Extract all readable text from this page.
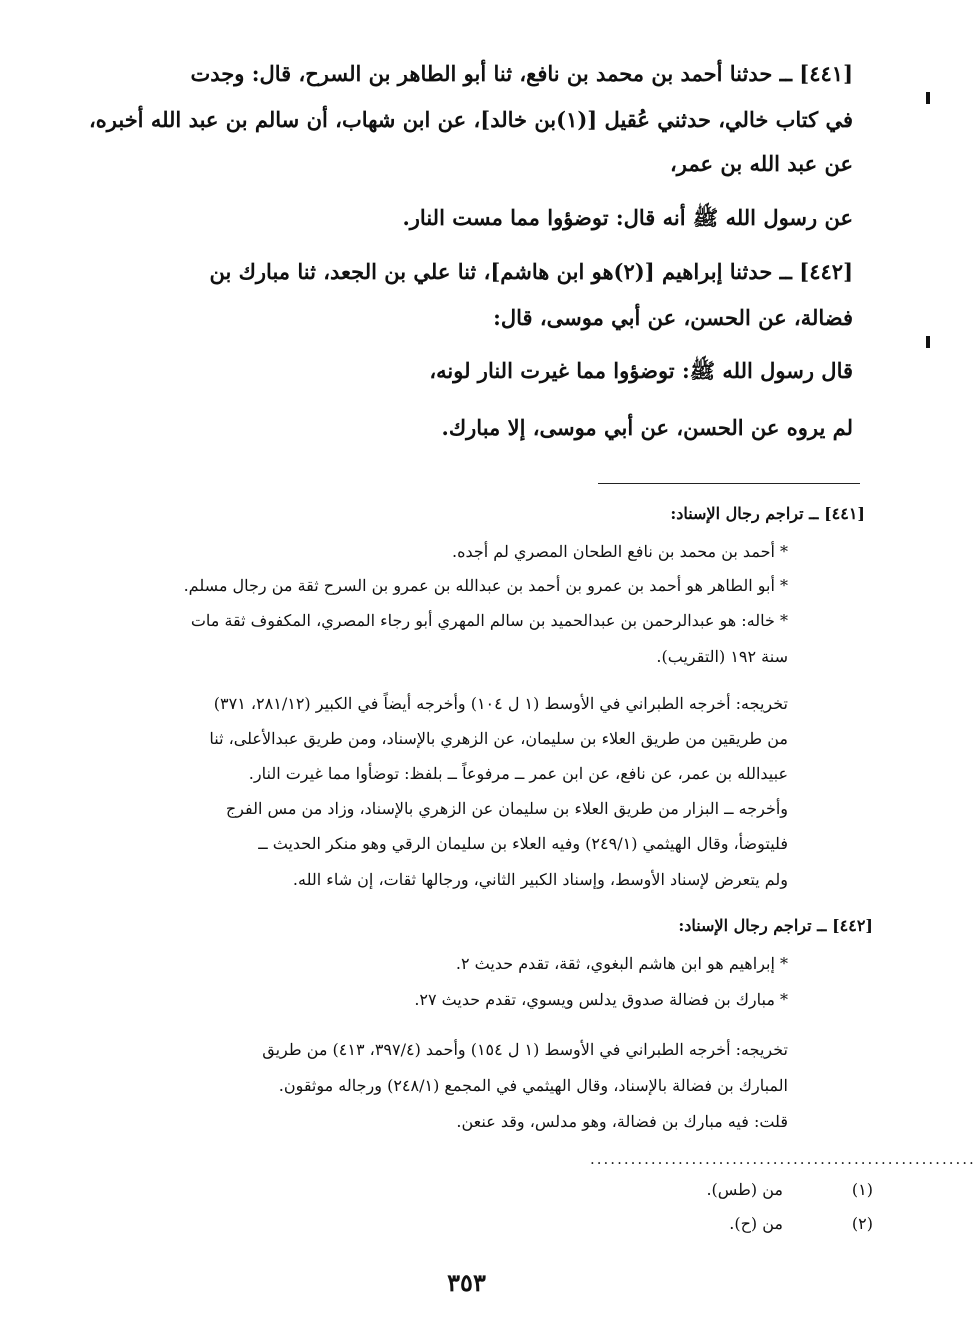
[٤٤١] ــ حدثنا أحمد بن محمد بن نافع، ثنا أبو الطاهر بن السرح، قال: وجدت
في كتاب خالي، حدثني عُقيل [(١)بن خالد]، عن ابن شهاب، أن سالم بن عبد الله أخبره،
عن عبد الله بن عمر،
عن رسول الله ﷺ أنه قال: توضؤوا مما مست النار.
[٤٤٢] ــ حدثنا إبراهيم [(٢)هو ابن هاشم]، ثنا علي بن الجعد، ثنا مبارك بن
فضالة، عن الحسن، عن أبي موسى، قال:
قال رسول الله ﷺ: توضؤوا مما غيرت النار لونه،
لم يروه عن الحسن، عن أبي موسى، إلا مبارك.
[٤٤١] ــ تراجم رجال الإسناد:
* أحمد بن محمد بن نافع الطحان المصري لم أجده.
* أبو الطاهر هو أحمد بن عمرو بن أحمد بن عبدالله بن عمرو بن السرح ثقة من رجال مسلم.
* خاله: هو عبدالرحمن بن عبدالحميد بن سالم المهري أبو رجاء المصري، المكفوف ثقة مات
سنة ١٩٢ (التقريب).
تخريجه: أخرجه الطبراني في الأوسط (١ ل ١٠٤) وأخرجه أيضاً في الكبير (٢٨١/١٢، ٣٧١)
من طريقين من طريق العلاء بن سليمان، عن الزهري بالإسناد، ومن طريق عبدالأعلى، ثنا
عبيدالله بن عمر، عن نافع، عن ابن عمر ــ مرفوعاً ــ بلفظ: توضأوا مما غيرت النار.
وأخرجه ــ البزار من طريق العلاء بن سليمان عن الزهري بالإسناد، وزاد من مس الفرج
فليتوضأ، وقال الهيثمي (٢٤٩/١) وفيه العلاء بن سليمان الرقي وهو منكر الحديث ــ
ولم يتعرض لإسناد الأوسط، وإسناد الكبير الثاني، ورجالها ثقات، إن شاء الله.
[٤٤٢] ــ تراجم رجال الإسناد:
* إبراهيم هو ابن هاشم البغوي، ثقة، تقدم حديث ٢.
* مبارك بن فضالة صدوق يدلس ويسوي، تقدم حديث ٢٧.
تخريجه: أخرجه الطبراني في الأوسط (١ ل ١٥٤) وأحمد (٣٩٧/٤، ٤١٣) من طريق
المبارك بن فضالة بالإسناد، وقال الهيثمي في المجمع (٢٤٨/١) ورجاله موثقون.
قلت: فيه مبارك بن فضالة، وهو مدلس، وقد عنعن.
.........................................................
(١)
من (طس).
(٢)
من (ح).
٣٥٣
